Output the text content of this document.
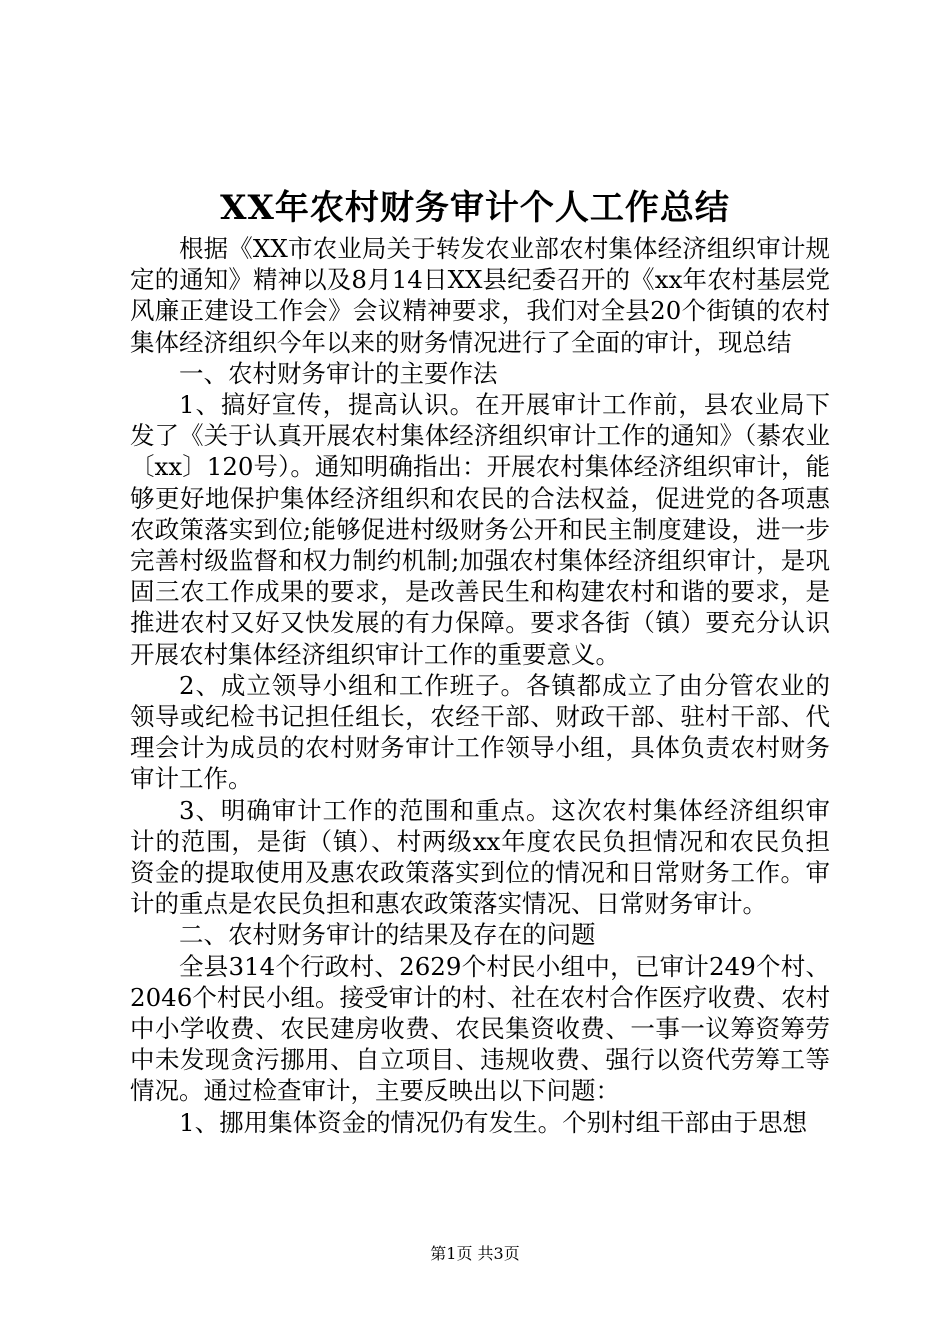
XX年农村财务审计个人工作总结

根据《XX市农业局关于转发农业部农村集体经济组织审计规定的通知》精神以及8月14日XX县纪委召开的《xx年农村基层党风廉正建设工作会》会议精神要求，我们对全县20个街镇的农村集体经济组织今年以来的财务情况进行了全面的审计，现总结

一、农村财务审计的主要作法

1、搞好宣传，提高认识。在开展审计工作前，县农业局下发了《关于认真开展农村集体经济组织审计工作的通知》（綦农业〔xx〕120号）。通知明确指出：开展农村集体经济组织审计，能够更好地保护集体经济组织和农民的合法权益，促进党的各项惠农政策落实到位;能够促进村级财务公开和民主制度建设，进一步完善村级监督和权力制约机制;加强农村集体经济组织审计，是巩固三农工作成果的要求，是改善民生和构建农村和谐的要求，是推进农村又好又快发展的有力保障。要求各街（镇）要充分认识开展农村集体经济组织审计工作的重要意义。

2、成立领导小组和工作班子。各镇都成立了由分管农业的领导或纪检书记担任组长，农经干部、财政干部、驻村干部、代理会计为成员的农村财务审计工作领导小组，具体负责农村财务审计工作。

3、明确审计工作的范围和重点。这次农村集体经济组织审计的范围，是街（镇）、村两级xx年度农民负担情况和农民负担资金的提取使用及惠农政策落实到位的情况和日常财务工作。审计的重点是农民负担和惠农政策落实情况、日常财务审计。

二、农村财务审计的结果及存在的问题

全县314个行政村、2629个村民小组中，已审计249个村、2046个村民小组。接受审计的村、社在农村合作医疗收费、农村中小学收费、农民建房收费、农民集资收费、一事一议筹资筹劳中未发现贪污挪用、自立项目、违规收费、强行以资代劳筹工等情况。通过检查审计，主要反映出以下问题：

1、挪用集体资金的情况仍有发生。个别村组干部由于思想

第1页 共3页
